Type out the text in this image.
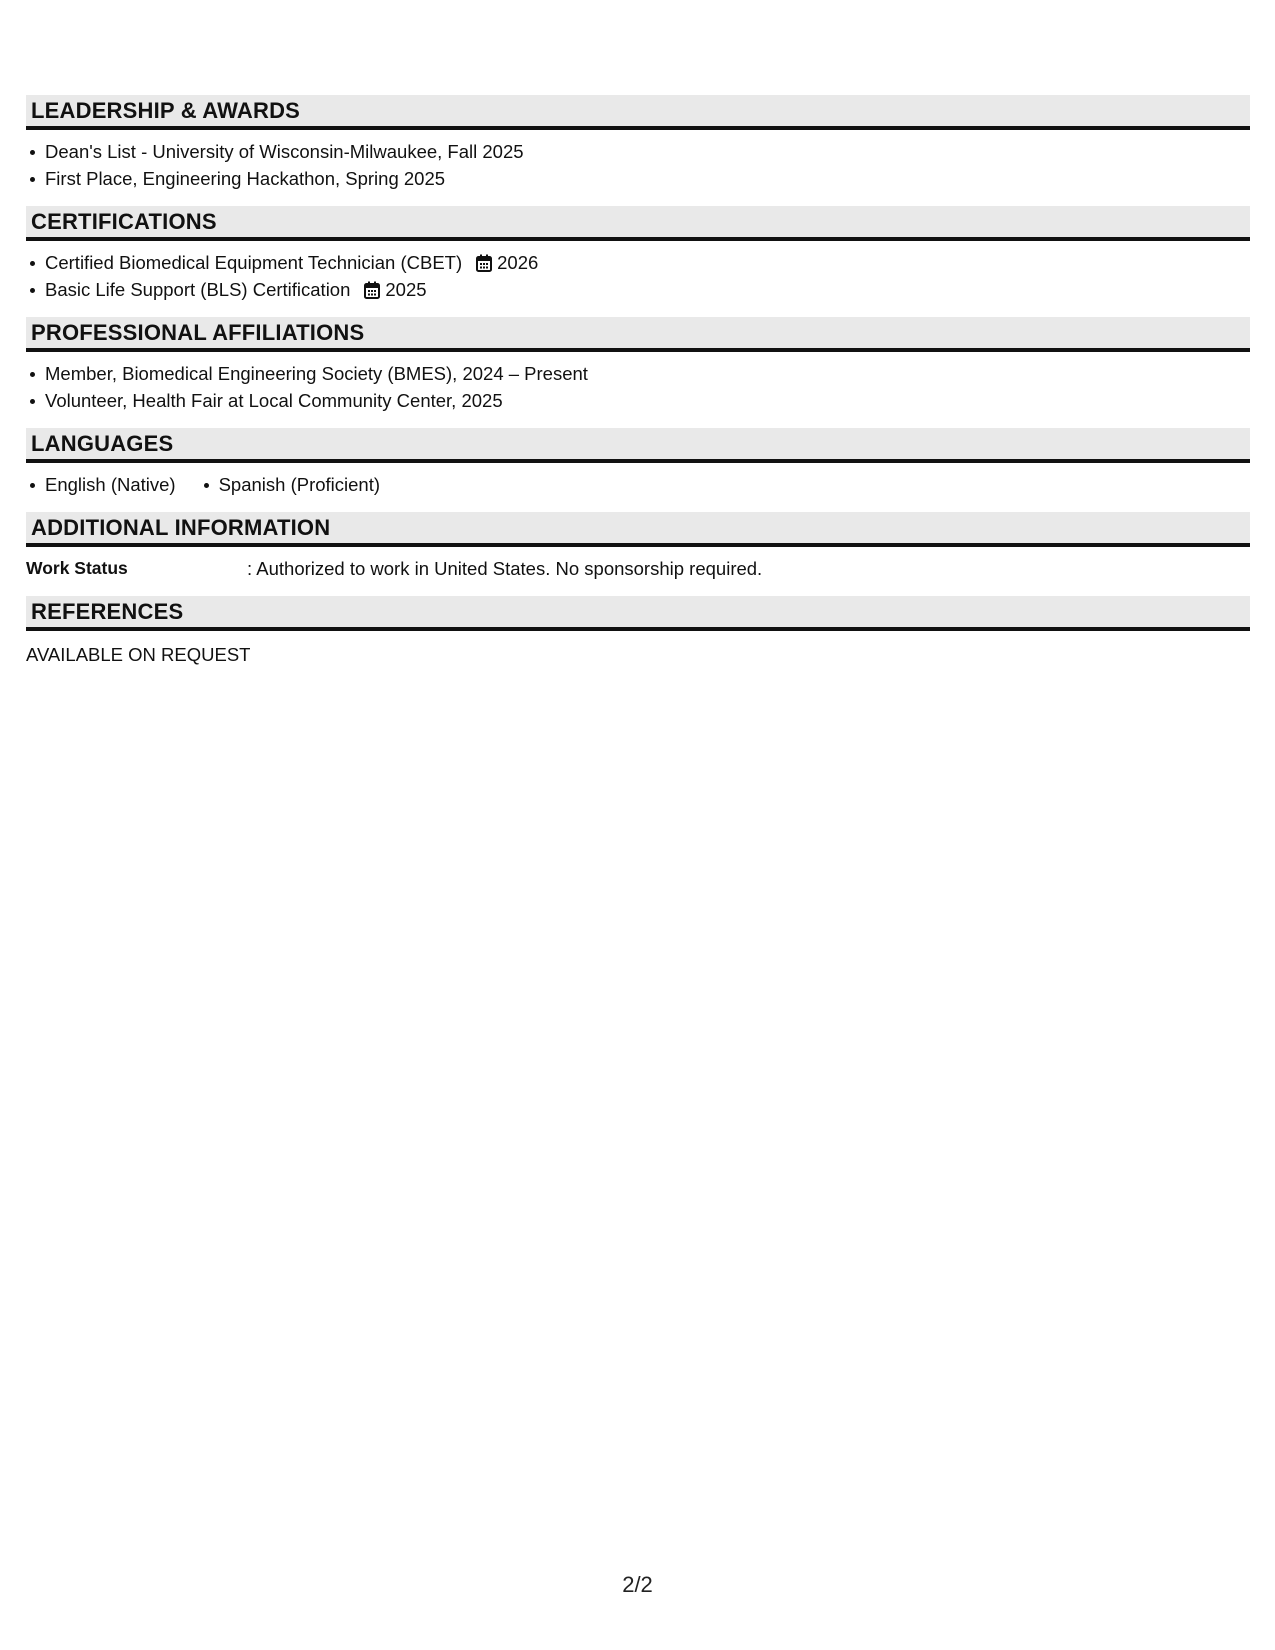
LEADERSHIP & AWARDS
Dean's List - University of Wisconsin-Milwaukee, Fall 2025
First Place, Engineering Hackathon, Spring 2025
CERTIFICATIONS
Certified Biomedical Equipment Technician (CBET) 2026
Basic Life Support (BLS) Certification 2025
PROFESSIONAL AFFILIATIONS
Member, Biomedical Engineering Society (BMES), 2024 – Present
Volunteer, Health Fair at Local Community Center, 2025
LANGUAGES
English (Native)	Spanish (Proficient)
ADDITIONAL INFORMATION
Work Status	: Authorized to work in United States. No sponsorship required.
REFERENCES
AVAILABLE ON REQUEST
2/2
